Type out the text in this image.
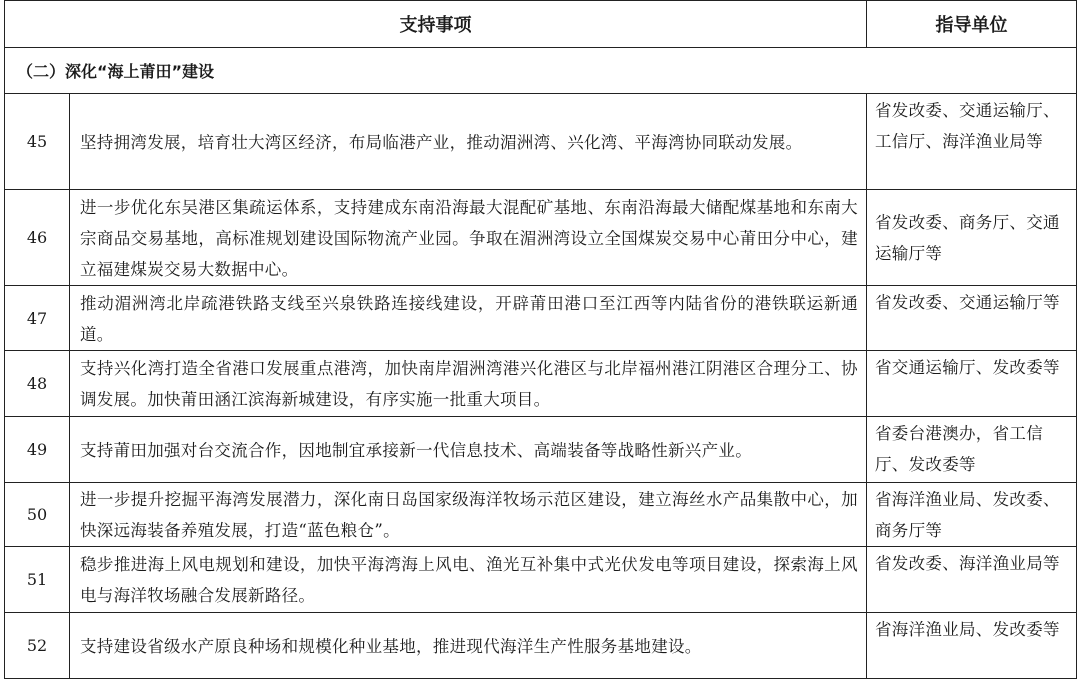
支持事项		指导单位
（二）深化“海上莆田”建设		
45	坚持拥湾发展，培育壮大湾区经济，布局临港产业，推动湄洲湾、兴化湾、平海湾协同联动发展。	省发改委、交通运输厅、工信厅、海洋渔业局等
46	进一步优化东吴港区集疏运体系，支持建成东南沿海最大混配矿基地、东南沿海最大储配煤基地和东南大宗商品交易基地，高标准规划建设国际物流产业园。争取在湄洲湾设立全国煤炭交易中心莆田分中心，建立福建煤炭交易大数据中心。	省发改委、商务厅、交通运输厅等
47	推动湄洲湾北岸疏港铁路支线至兴泉铁路连接线建设，开辟莆田港口至江西等内陆省份的港铁联运新通道。	省发改委、交通运输厅等
48	支持兴化湾打造全省港口发展重点港湾，加快南岸湄洲湾港兴化港区与北岸福州港江阴港区合理分工、协调发展。加快莆田涵江滨海新城建设，有序实施一批重大项目。	省交通运输厅、发改委等
49	支持莆田加强对台交流合作，因地制宜承接新一代信息技术、高端装备等战略性新兴产业。	省委台港澳办，省工信厅、发改委等
50	进一步提升挖掘平海湾发展潜力，深化南日岛国家级海洋牧场示范区建设，建立海丝水产品集散中心，加快深远海装备养殖发展，打造“蓝色粮仓”。	省海洋渔业局、发改委、商务厅等
51	稳步推进海上风电规划和建设，加快平海湾海上风电、渔光互补集中式光伏发电等项目建设，探索海上风电与海洋牧场融合发展新路径。	省发改委、海洋渔业局等
52	支持建设省级水产原良种场和规模化种业基地，推进现代海洋生产性服务基地建设。	省海洋渔业局、发改委等
